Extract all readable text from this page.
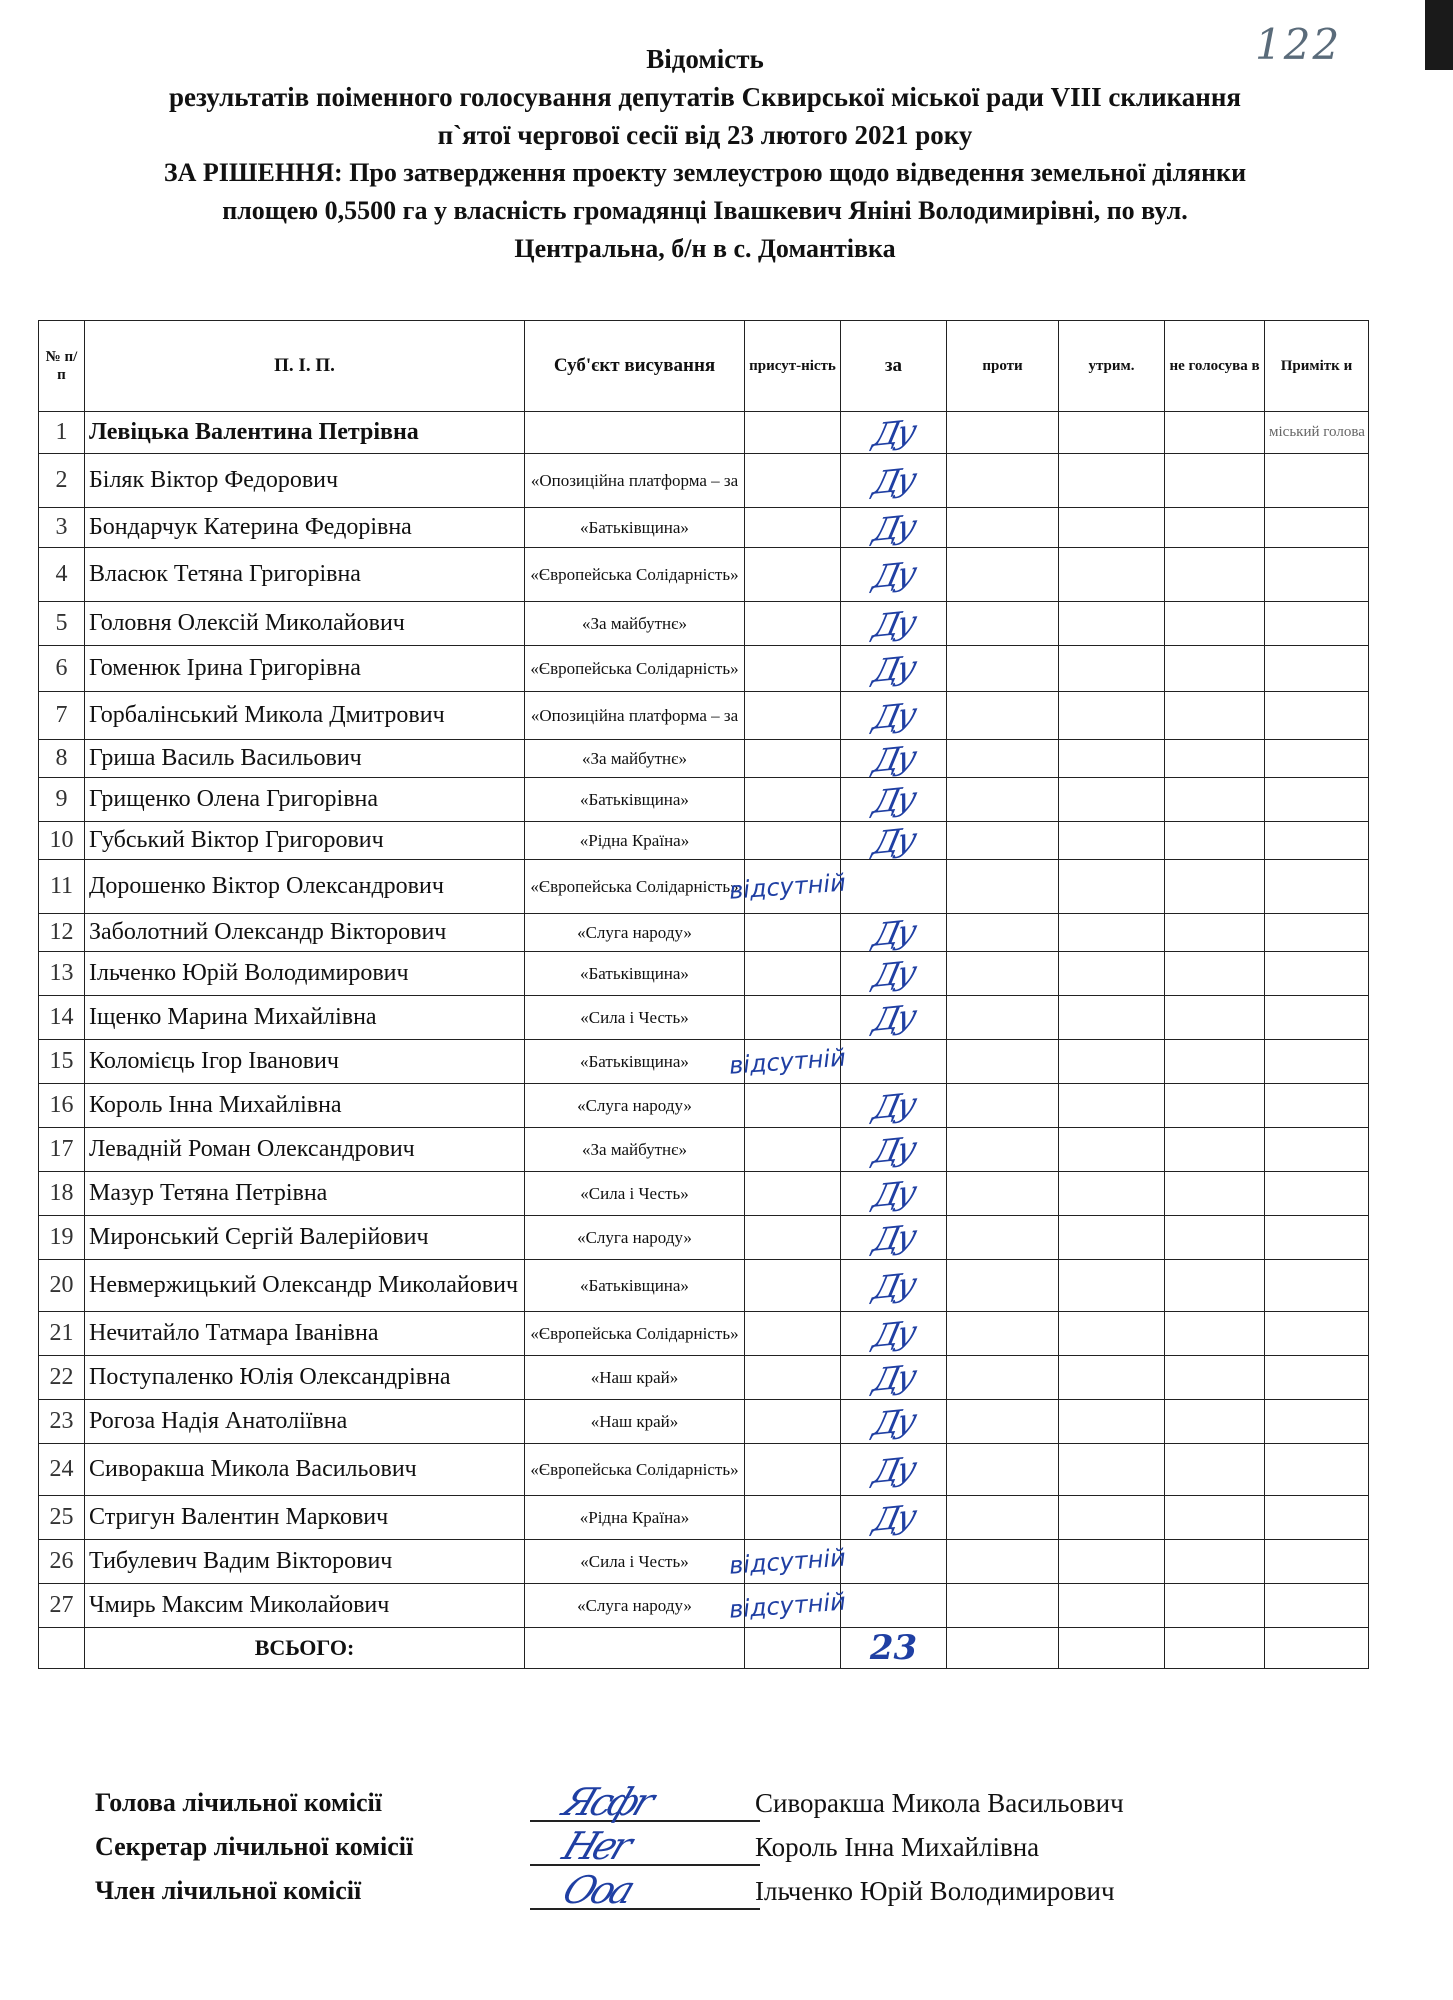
122
Відомість
результатів поіменного голосування депутатів Сквирської міської ради VIII скликання
п`ятої чергової сесії від 23 лютого 2021 року
ЗА РІШЕННЯ: Про затвердження проекту землеустрою щодо відведення земельної ділянки
площею 0,5500 га у власність громадянці Івашкевич Яніні Володимирівні, по вул.
Центральна, б/н в с. Домантівка
№ п/п	П. І. П.	Суб'єкт висування	присут-ність	за	проти	утрим.	не голосува в	Примітк и
1	Левіцька Валентина Петрівна			Ду				міський голова
2	Біляк Віктор Федорович	«Опозиційна платформа – за		Ду				

3	Бондарчук Катерина Федорівна	«Батьківщина»		Ду				

4	Власюк Тетяна Григорівна	«Європейська Солідарність»		Ду				

5	Головня Олексій Миколайович	«За майбутнє»		Ду				

6	Гоменюк Ірина Григорівна	«Європейська Солідарність»		Ду				

7	Горбалінський Микола Дмитрович	«Опозиційна платформа – за		Ду				

8	Гриша Василь Васильович	«За майбутнє»		Ду				

9	Грищенко Олена Григорівна	«Батьківщина»		Ду				

10	Губський Віктор Григорович	«Рідна Країна»		Ду				

11	Дорошенко Віктор Олександрович	«Європейська Солідарність»	відсутній					

12	Заболотний Олександр Вікторович	«Слуга народу»		Ду				

13	Ільченко Юрій Володимирович	«Батьківщина»		Ду				

14	Іщенко Марина Михайлівна	«Сила і Честь»		Ду				

15	Коломієць Ігор Іванович	«Батьківщина»	відсутній					

16	Король Інна Михайлівна	«Слуга народу»		Ду				

17	Левадній Роман Олександрович	«За майбутнє»		Ду				

18	Мазур Тетяна Петрівна	«Сила і Честь»		Ду				

19	Миронський Сергій Валерійович	«Слуга народу»		Ду				

20	Невмержицький Олександр Миколайович	«Батьківщина»		Ду				

21	Нечитайло Татмара Іванівна	«Європейська Солідарність»		Ду				

22	Поступаленко Юлія Олександрівна	«Наш край»		Ду				

23	Рогоза Надія Анатоліївна	«Наш край»		Ду				

24	Сиворакша Микола Васильович	«Європейська Солідарність»		Ду				

25	Стригун Валентин Маркович	«Рідна Країна»		Ду				

26	Тибулевич Вадим Вікторович	«Сила і Честь»	відсутній					

27	Чмирь Максим Миколайович	«Слуга народу»	відсутній					

	ВСЬОГО:			23				

Голова лічильної комісії	Ясфr	Сиворакша Микола Васильович
Секретар лічильної комісії	Нer	Король Інна Михайлівна
Член лічильної комісії	Ооа	Ільченко Юрій Володимирович
